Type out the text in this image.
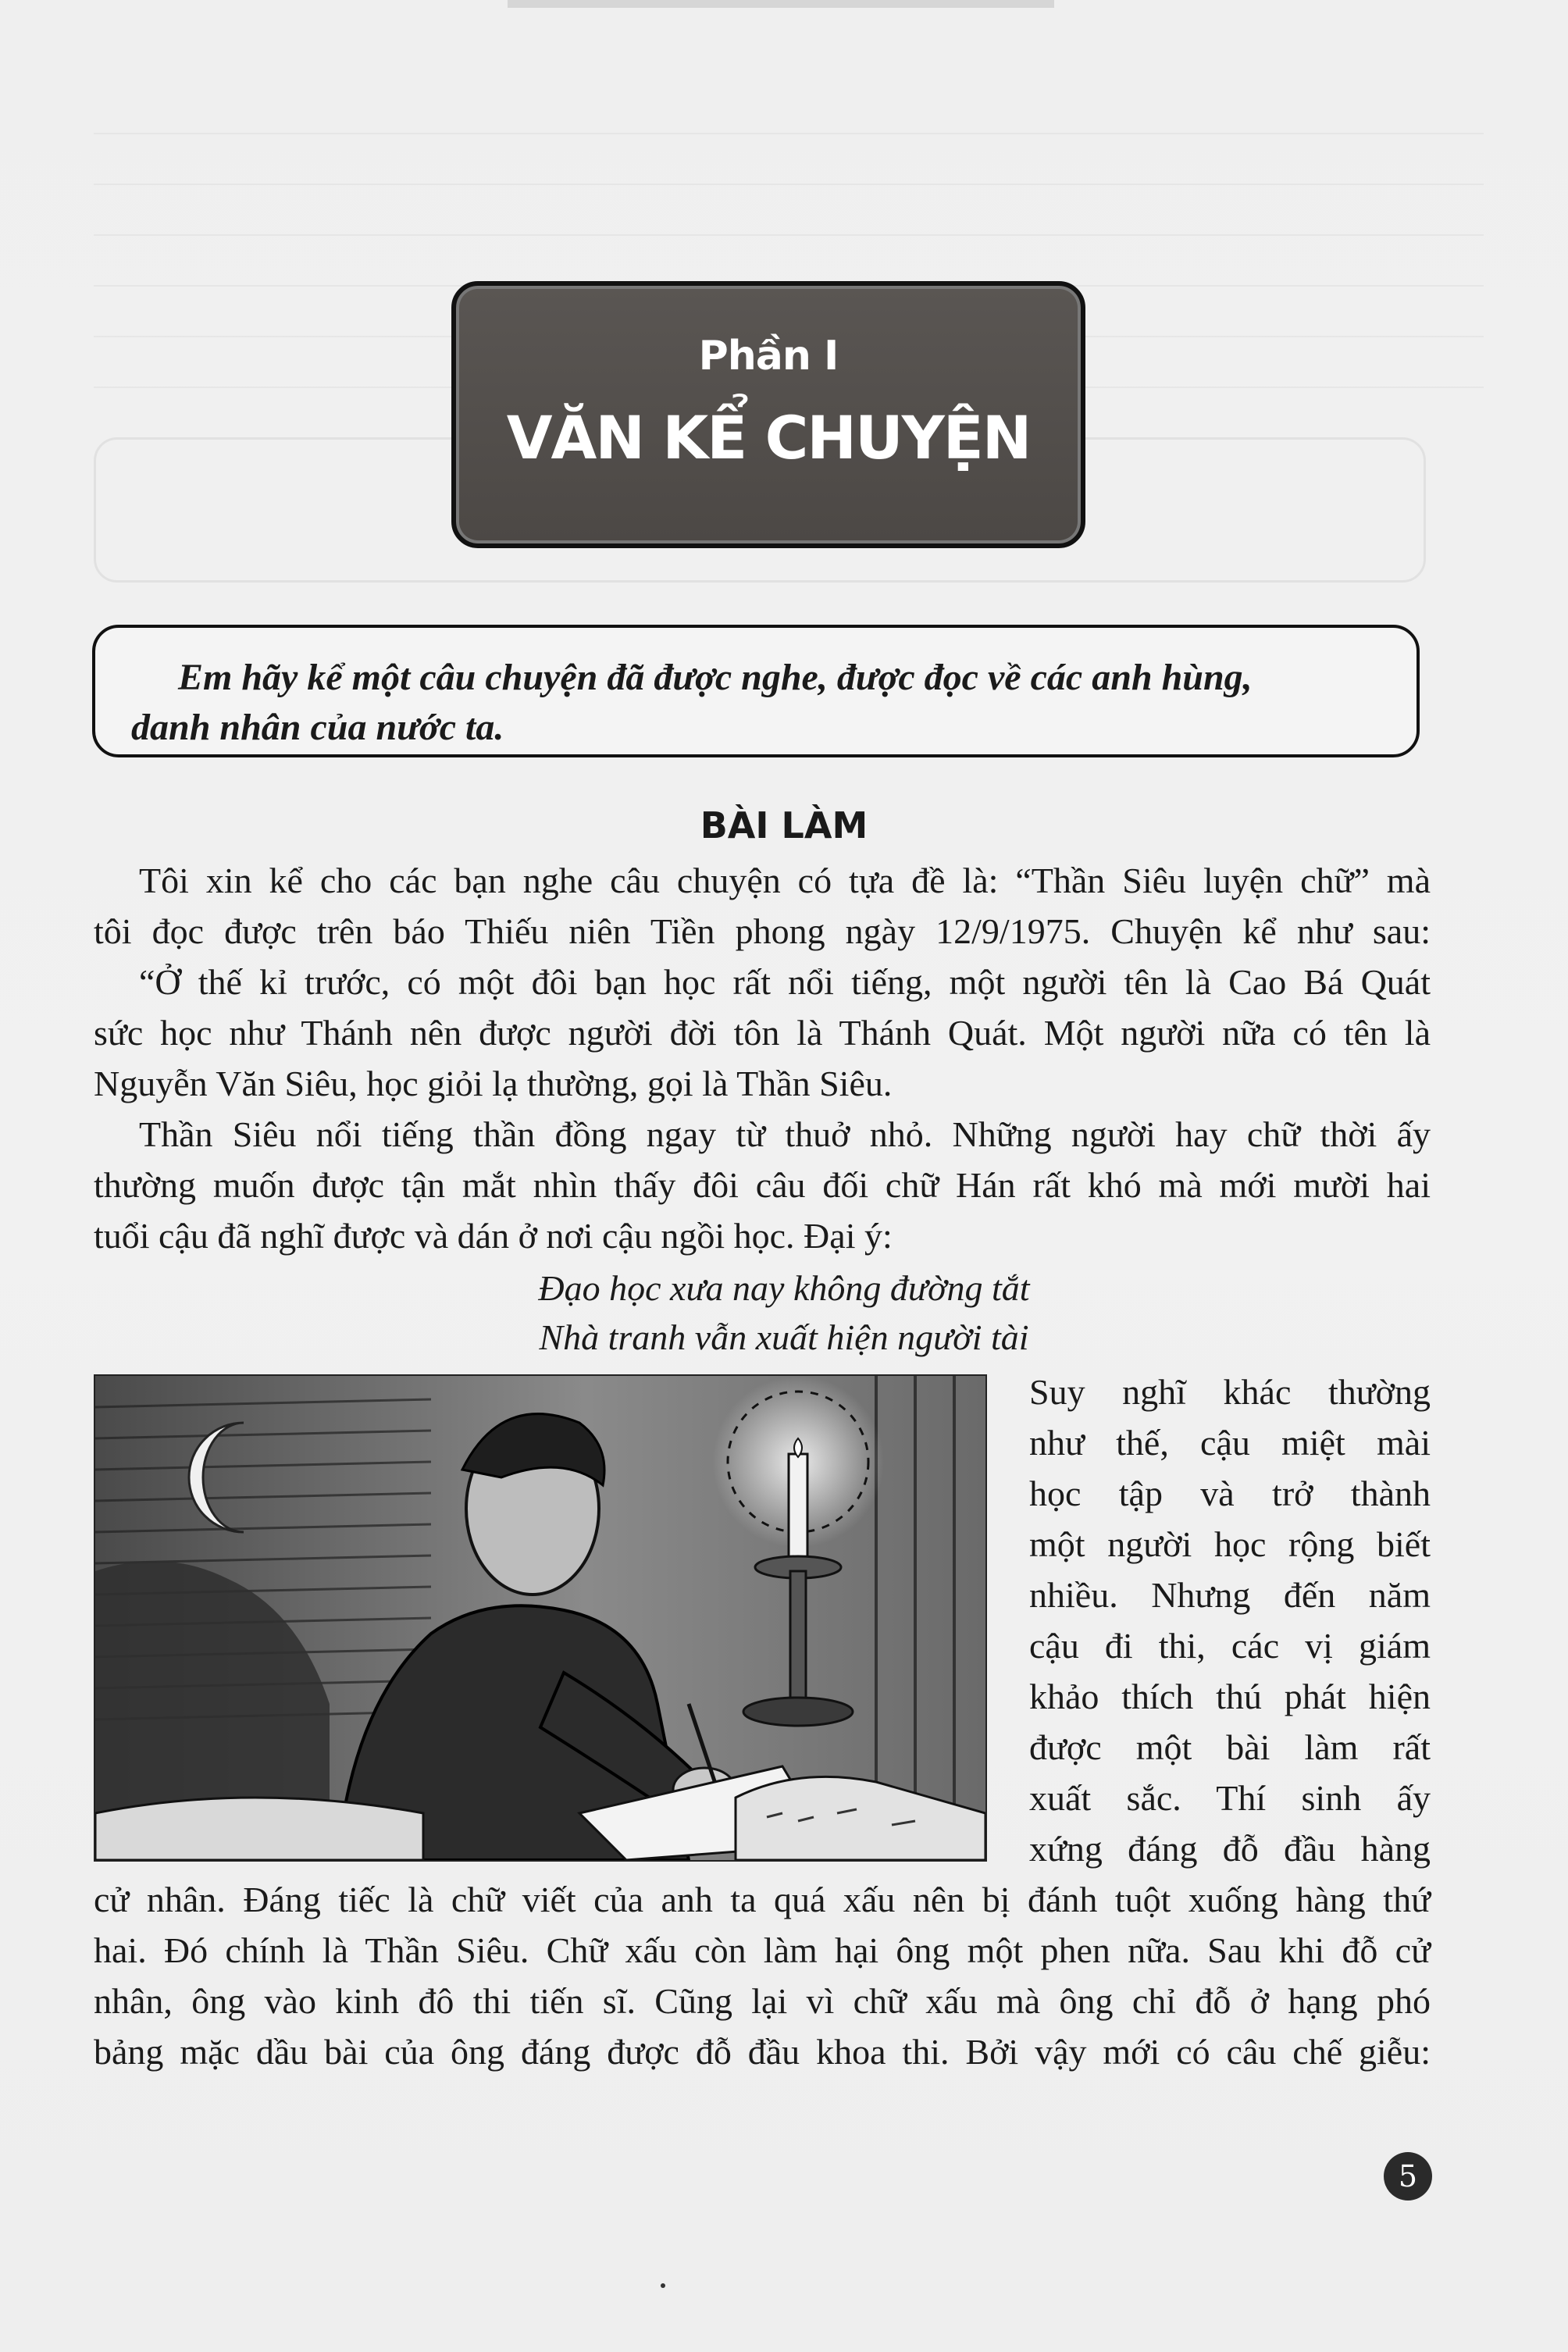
Phần I
VĂN KỂ CHUYỆN
Em hãy kể một câu chuyện đã được nghe, được đọc về các anh hùng,
danh nhân của nước ta.
BÀI LÀM
Tôi xin kể cho các bạn nghe câu chuyện có tựa đề là: “Thần Siêu luyện chữ” mà
tôi đọc được trên báo Thiếu niên Tiền phong ngày 12/9/1975. Chuyện kể như sau:
“Ở thế kỉ trước, có một đôi bạn học rất nổi tiếng, một người tên là Cao Bá Quát
sức học như Thánh nên được người đời tôn là Thánh Quát. Một người nữa có tên là
Nguyễn Văn Siêu, học giỏi lạ thường, gọi là Thần Siêu.
Thần Siêu nổi tiếng thần đồng ngay từ thuở nhỏ. Những người hay chữ thời ấy
thường muốn được tận mắt nhìn thấy đôi câu đối chữ Hán rất khó mà mới mười hai
tuổi cậu đã nghĩ được và dán ở nơi cậu ngồi học. Đại ý:
Đạo học xưa nay không đường tắt
Nhà tranh vẫn xuất hiện người tài
Suy nghĩ khác thường
như thế, cậu miệt mài
học tập và trở thành
một người học rộng biết
nhiều. Nhưng đến năm
cậu đi thi, các vị giám
khảo thích thú phát hiện
được một bài làm rất
xuất sắc. Thí sinh ấy
xứng đáng đỗ đầu hàng
cử nhân. Đáng tiếc là chữ viết của anh ta quá xấu nên bị đánh tuột xuống hàng thứ
hai. Đó chính là Thần Siêu. Chữ xấu còn làm hại ông một phen nữa. Sau khi đỗ cử
nhân, ông vào kinh đô thi tiến sĩ. Cũng lại vì chữ xấu mà ông chỉ đỗ ở hạng phó
bảng mặc dầu bài của ông đáng được đỗ đầu khoa thi. Bởi vậy mới có câu chế giễu:
5
